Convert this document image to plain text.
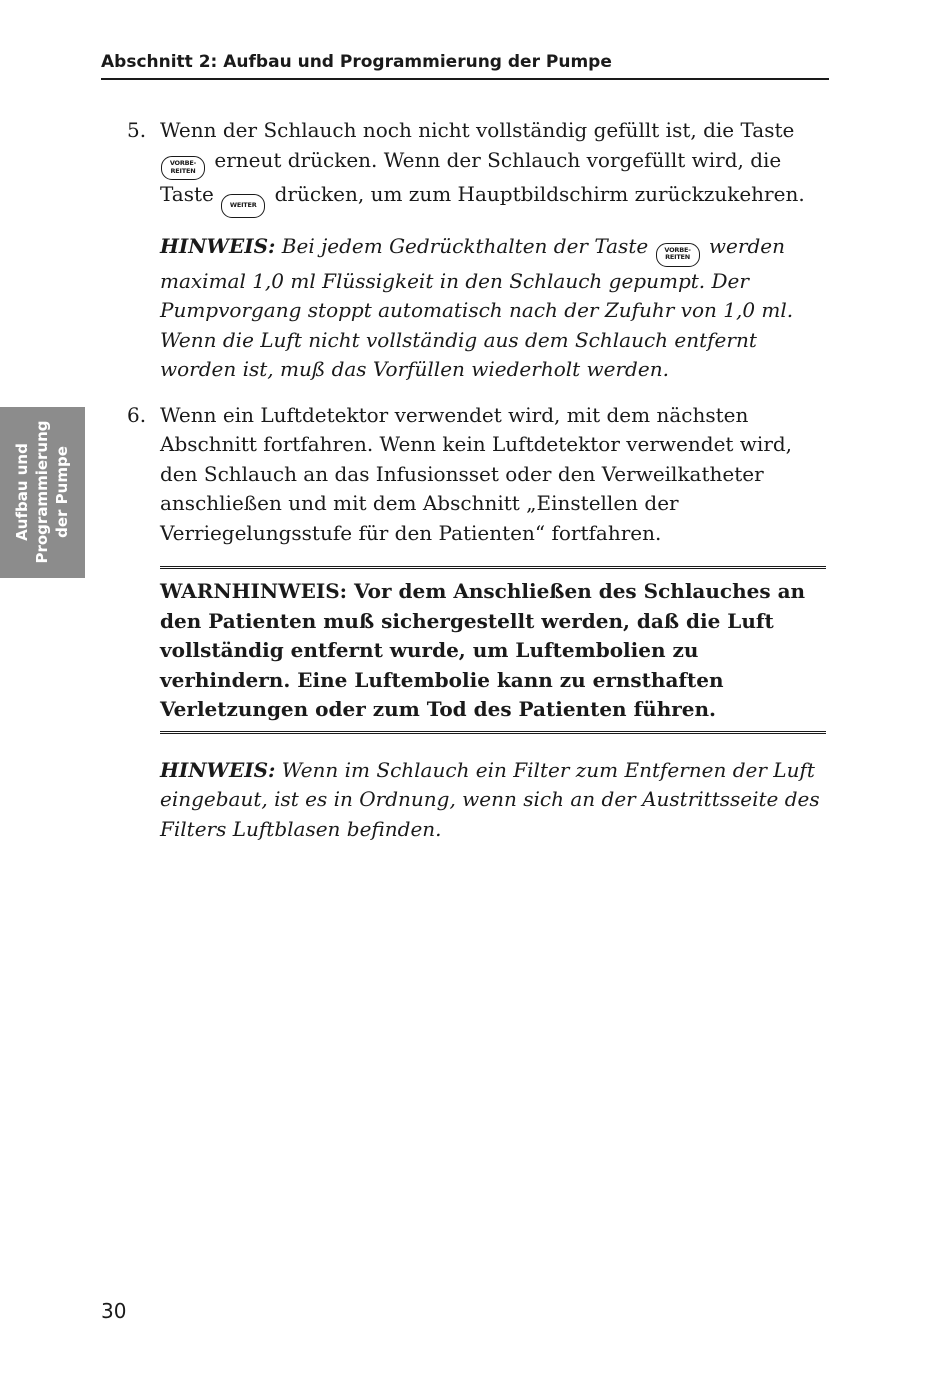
Abschnitt 2: Aufbau und Programmierung der Pumpe
Aufbau und Programmierung der Pumpe
5. Wenn der Schlauch noch nicht vollständig gefüllt ist, die Taste
VORBE-
REITEN erneut drücken. Wenn der Schlauch vorgefüllt wird, die Taste	WEITER drücken, um zum Hauptbildschirm zurückzukehren.
HINWEIS: Bei jedem Gedrückthalten der Taste	VORBE-
REITEN werden maximal 1,0 ml Flüssigkeit in den Schlauch gepumpt. Der Pumpvorgang stoppt automatisch nach der Zufuhr von 1,0 ml. Wenn die Luft nicht vollständig aus dem Schlauch entfernt worden ist, muß das Vorfüllen wiederholt werden.
6. Wenn ein Luftdetektor verwendet wird, mit dem nächsten Abschnitt fortfahren. Wenn kein Luftdetektor verwendet wird, den Schlauch an das Infusionsset oder den Verweilkatheter anschließen und mit dem Abschnitt „Einstellen der Verriegelungsstufe für den Patienten“ fortfahren.
WARNHINWEIS: Vor dem Anschließen des Schlauches an den Patienten muß sichergestellt werden, daß die Luft vollständig entfernt wurde, um Luftembolien zu verhindern. Eine Luftembolie kann zu ernsthaften Verletzungen oder zum Tod des Patienten führen.
HINWEIS: Wenn im Schlauch ein Filter zum Entfernen der Luft eingebaut, ist es in Ordnung, wenn sich an der Austrittsseite des Filters Luftblasen befinden.
30
